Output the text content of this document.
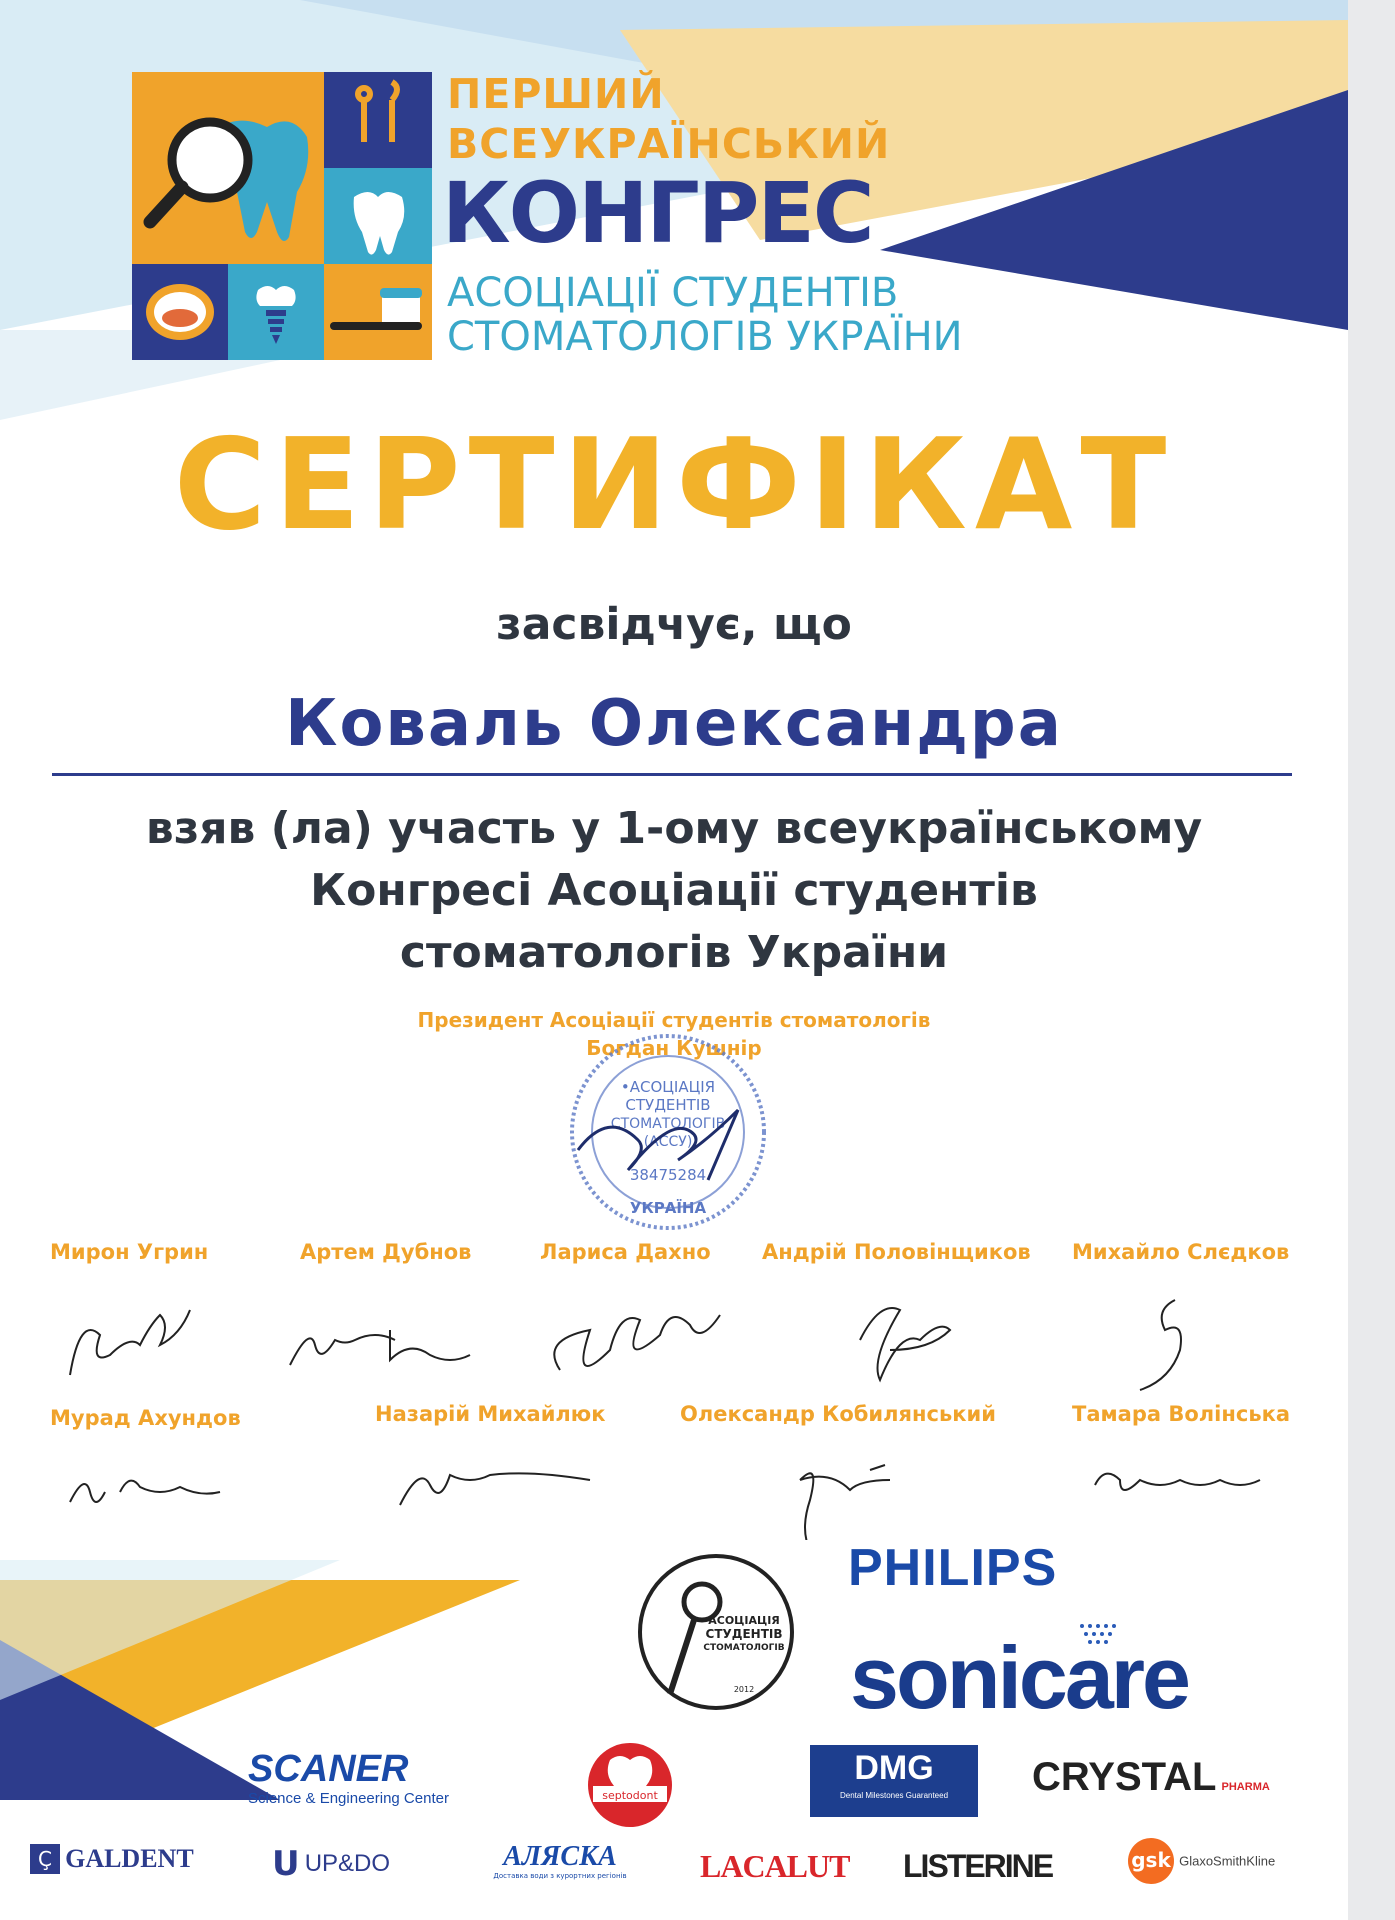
ПЕРШИЙ
ВСЕУКРАЇНСЬКИЙ
КОНГРЕС
АСОЦІАЦІЇ СТУДЕНТІВ
СТОМАТОЛОГІВ УКРАЇНИ
СЕРТИФІКАТ
засвідчує, що
Коваль Олександра
взяв (ла) участь у 1-ому всеукраїнському
Конгресі Асоціації студентів
стоматологів України
Президент Асоціації студентів стоматологів
Богдан Кушнір
•АСОЦІАЦІЯ
СТУДЕНТІВ
СТОМАТОЛОГІВ
(АССУ)
38475284
УКРАЇНА
Мирон Угрин	Артем Дубнов	Лариса Дахно Андрій Половінщиков Михайло Слєдков
Мурад Ахундов	Назарій Михайлюк	Олександр Кобилянський	Тамара Волінська
АСОЦІАЦІЯ
СТУДЕНТІВ
СТОМАТОЛОГІВ
2012
PHILIPS
sonicare
SCANER
Science & Engineering Center	septodont
DMG
Dental Milestones Guaranteed	CRYSTAL PHARMA
Ç GALDENT U UP&DO	АЛЯСКА
Доставка води з курортних регіонів LACALUT LISTERINE	gsk GlaxoSmithKline
